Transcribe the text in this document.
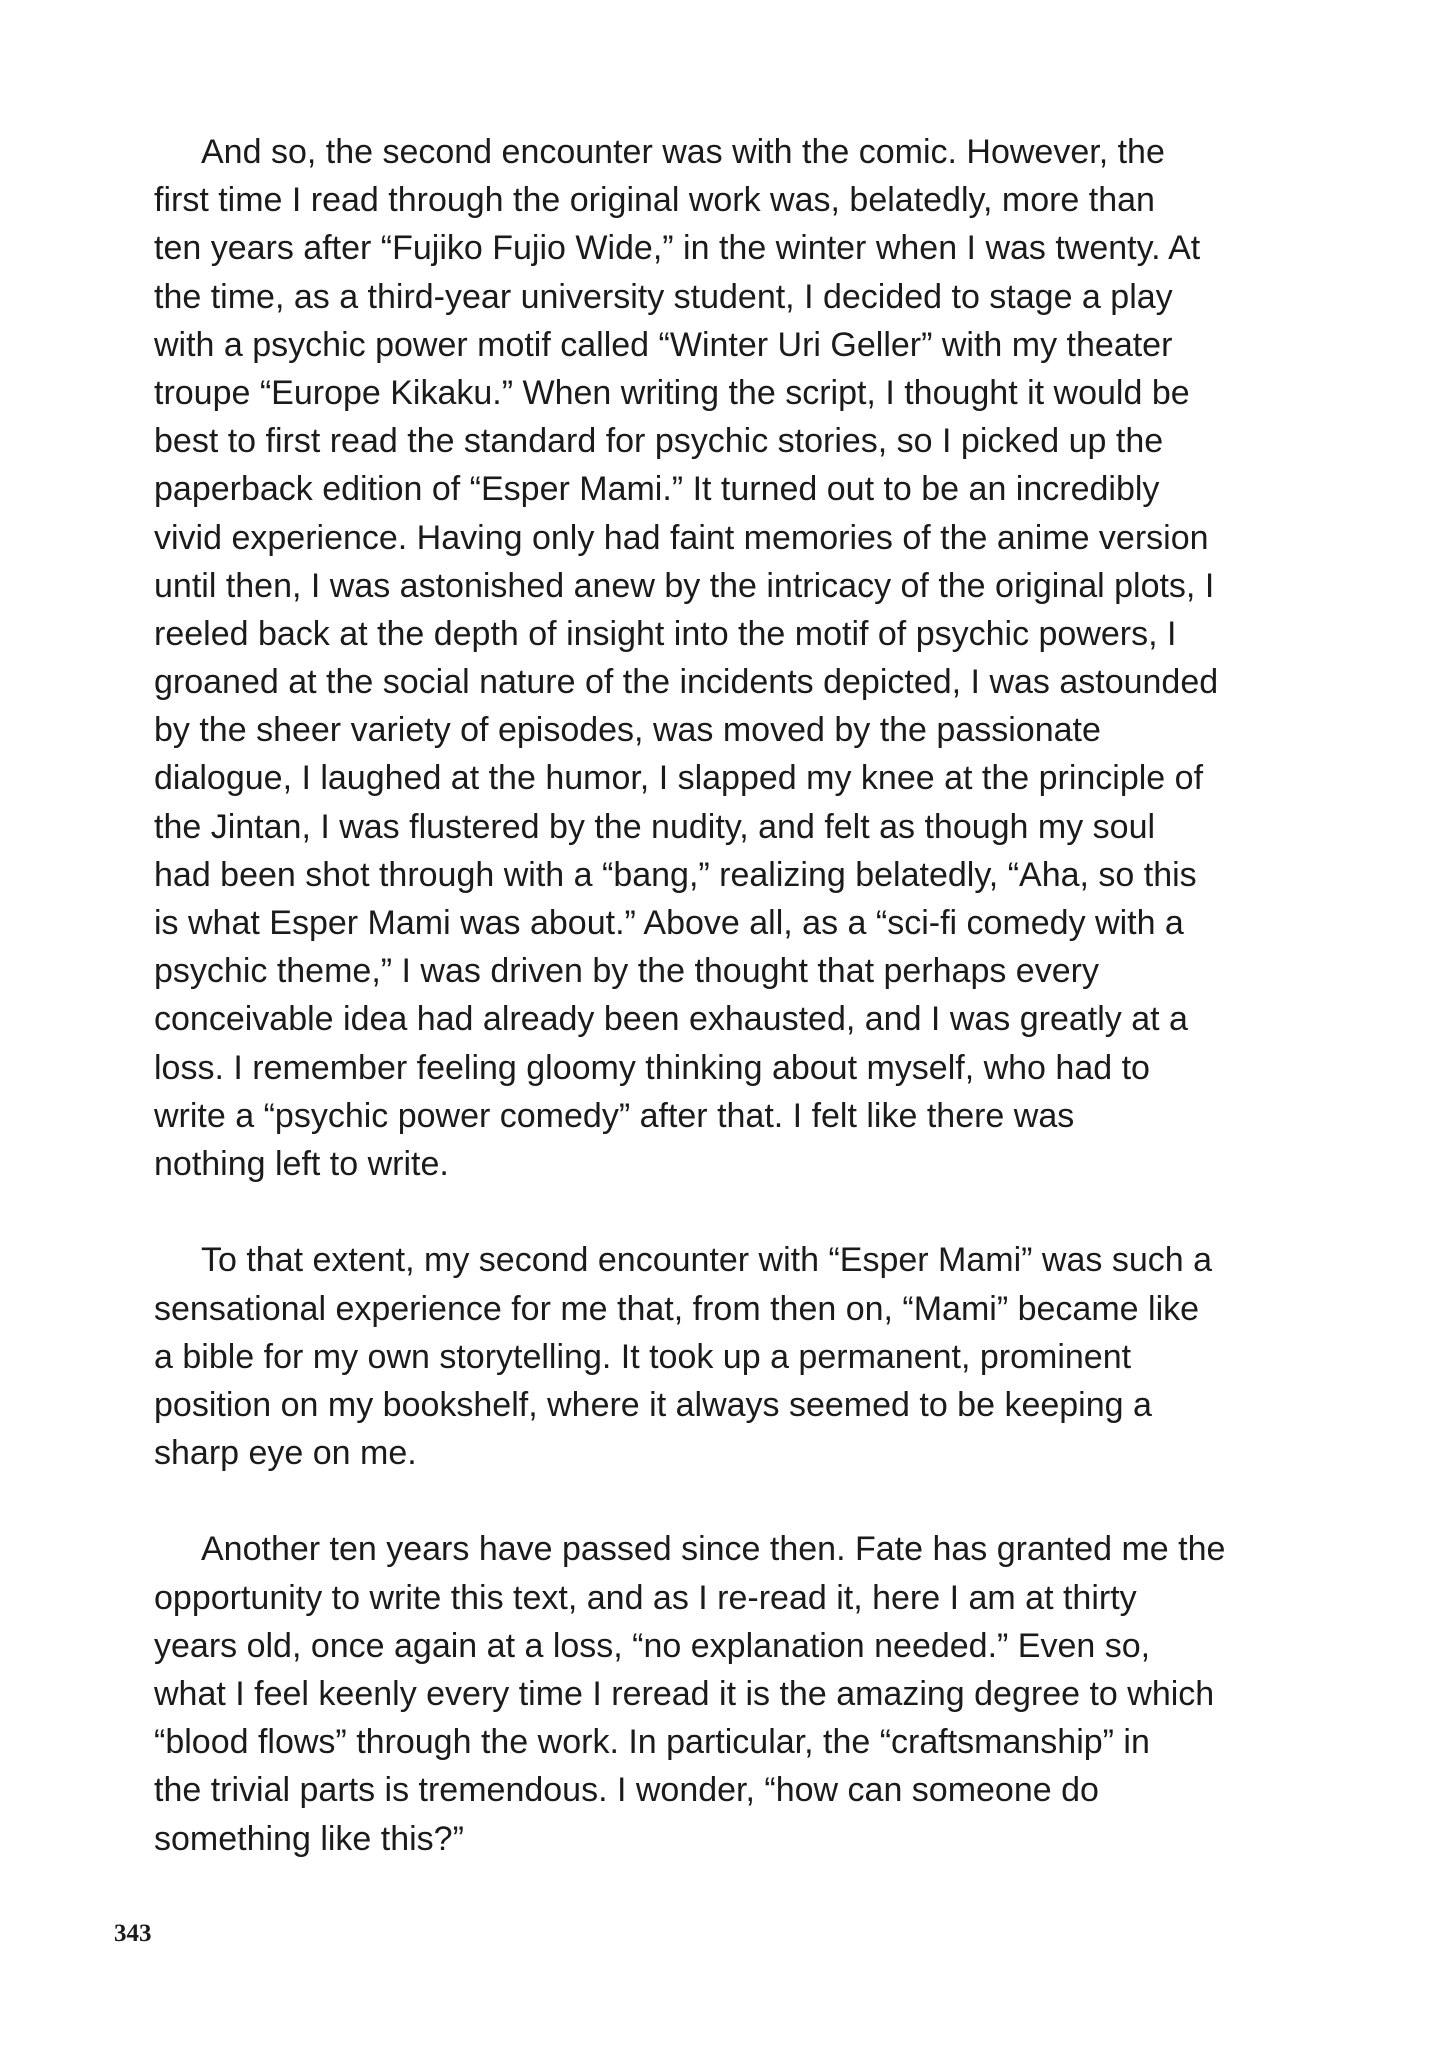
And so, the second encounter was with the comic. However, the
first time I read through the original work was, belatedly, more than
ten years after “Fujiko Fujio Wide,” in the winter when I was twenty. At
the time, as a third-year university student, I decided to stage a play
with a psychic power motif called “Winter Uri Geller” with my theater
troupe “Europe Kikaku.” When writing the script, I thought it would be
best to first read the standard for psychic stories, so I picked up the
paperback edition of “Esper Mami.” It turned out to be an incredibly
vivid experience. Having only had faint memories of the anime version
until then, I was astonished anew by the intricacy of the original plots, I
reeled back at the depth of insight into the motif of psychic powers, I
groaned at the social nature of the incidents depicted, I was astounded
by the sheer variety of episodes, was moved by the passionate
dialogue, I laughed at the humor, I slapped my knee at the principle of
the Jintan, I was flustered by the nudity, and felt as though my soul
had been shot through with a “bang,” realizing belatedly, “Aha, so this
is what Esper Mami was about.” Above all, as a “sci-fi comedy with a
psychic theme,” I was driven by the thought that perhaps every
conceivable idea had already been exhausted, and I was greatly at a
loss. I remember feeling gloomy thinking about myself, who had to
write a “psychic power comedy” after that. I felt like there was
nothing left to write.
To that extent, my second encounter with “Esper Mami” was such a
sensational experience for me that, from then on, “Mami” became like
a bible for my own storytelling. It took up a permanent, prominent
position on my bookshelf, where it always seemed to be keeping a
sharp eye on me.
Another ten years have passed since then. Fate has granted me the
opportunity to write this text, and as I re-read it, here I am at thirty
years old, once again at a loss, “no explanation needed.” Even so,
what I feel keenly every time I reread it is the amazing degree to which
“blood flows” through the work. In particular, the “craftsmanship” in
the trivial parts is tremendous. I wonder, “how can someone do
something like this?”
343
